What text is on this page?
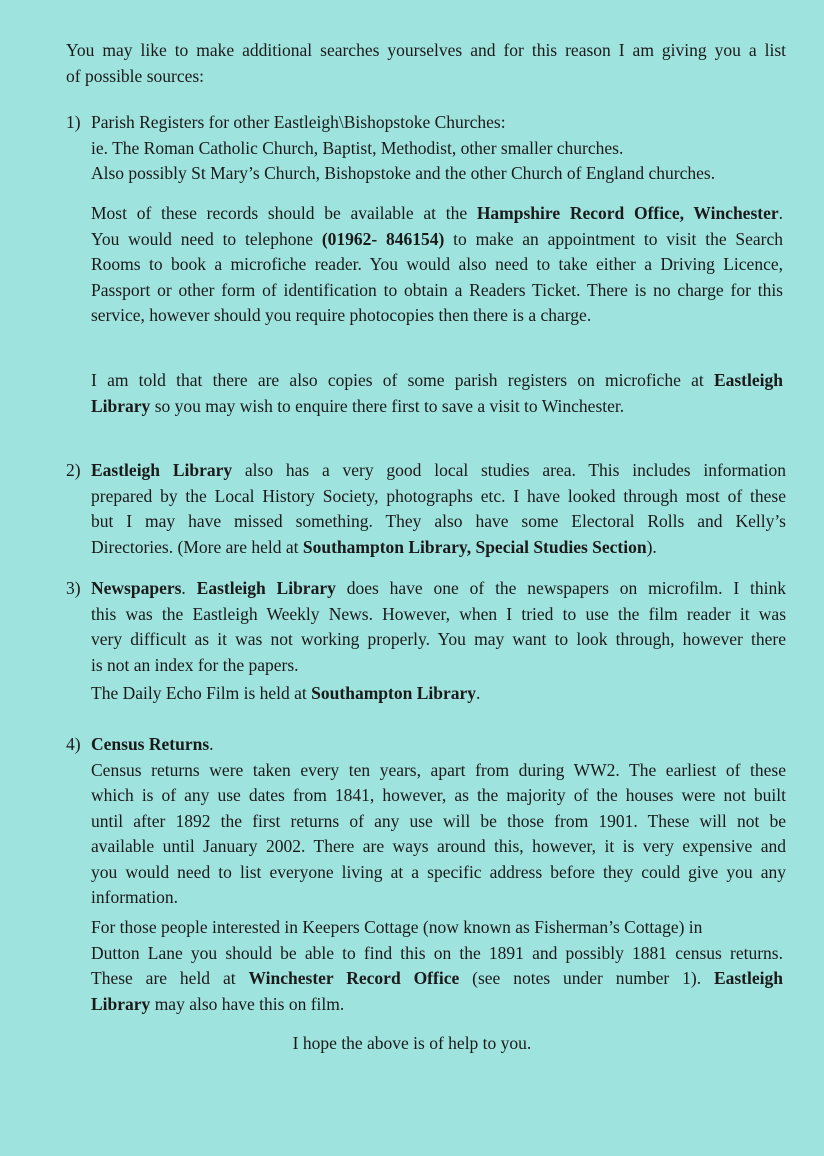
You may like to make additional searches yourselves and for this reason I am giving you a list
of possible sources:
1) Parish Registers for other Eastleigh\Bishopstoke Churches:
ie. The Roman Catholic Church, Baptist, Methodist, other smaller churches.
Also possibly St Mary’s Church, Bishopstoke and the other Church of England churches.
Most of these records should be available at the Hampshire Record Office, Winchester.
You would need to telephone (01962- 846154) to make an appointment to visit the Search
Rooms to book a microfiche reader. You would also need to take either a Driving Licence,
Passport or other form of identification to obtain a Readers Ticket. There is no charge for this
service, however should you require photocopies then there is a charge.
I am told that there are also copies of some parish registers on microfiche at Eastleigh
Library so you may wish to enquire there first to save a visit to Winchester.
2) Eastleigh Library also has a very good local studies area. This includes information
prepared by the Local History Society, photographs etc. I have looked through most of these
but I may have missed something. They also have some Electoral Rolls and Kelly’s
Directories. (More are held at Southampton Library, Special Studies Section).
3) Newspapers. Eastleigh Library does have one of the newspapers on microfilm. I think
this was the Eastleigh Weekly News. However, when I tried to use the film reader it was
very difficult as it was not working properly. You may want to look through, however there
is not an index for the papers.
The Daily Echo Film is held at Southampton Library.
4) Census Returns.
Census returns were taken every ten years, apart from during WW2. The earliest of these
which is of any use dates from 1841, however, as the majority of the houses were not built
until after 1892 the first returns of any use will be those from 1901. These will not be
available until January 2002. There are ways around this, however, it is very expensive and
you would need to list everyone living at a specific address before they could give you any
information.
For those people interested in Keepers Cottage (now known as Fisherman’s Cottage) in
Dutton Lane you should be able to find this on the 1891 and possibly 1881 census returns.
These are held at Winchester Record Office (see notes under number 1). Eastleigh
Library may also have this on film.
I hope the above is of help to you.
